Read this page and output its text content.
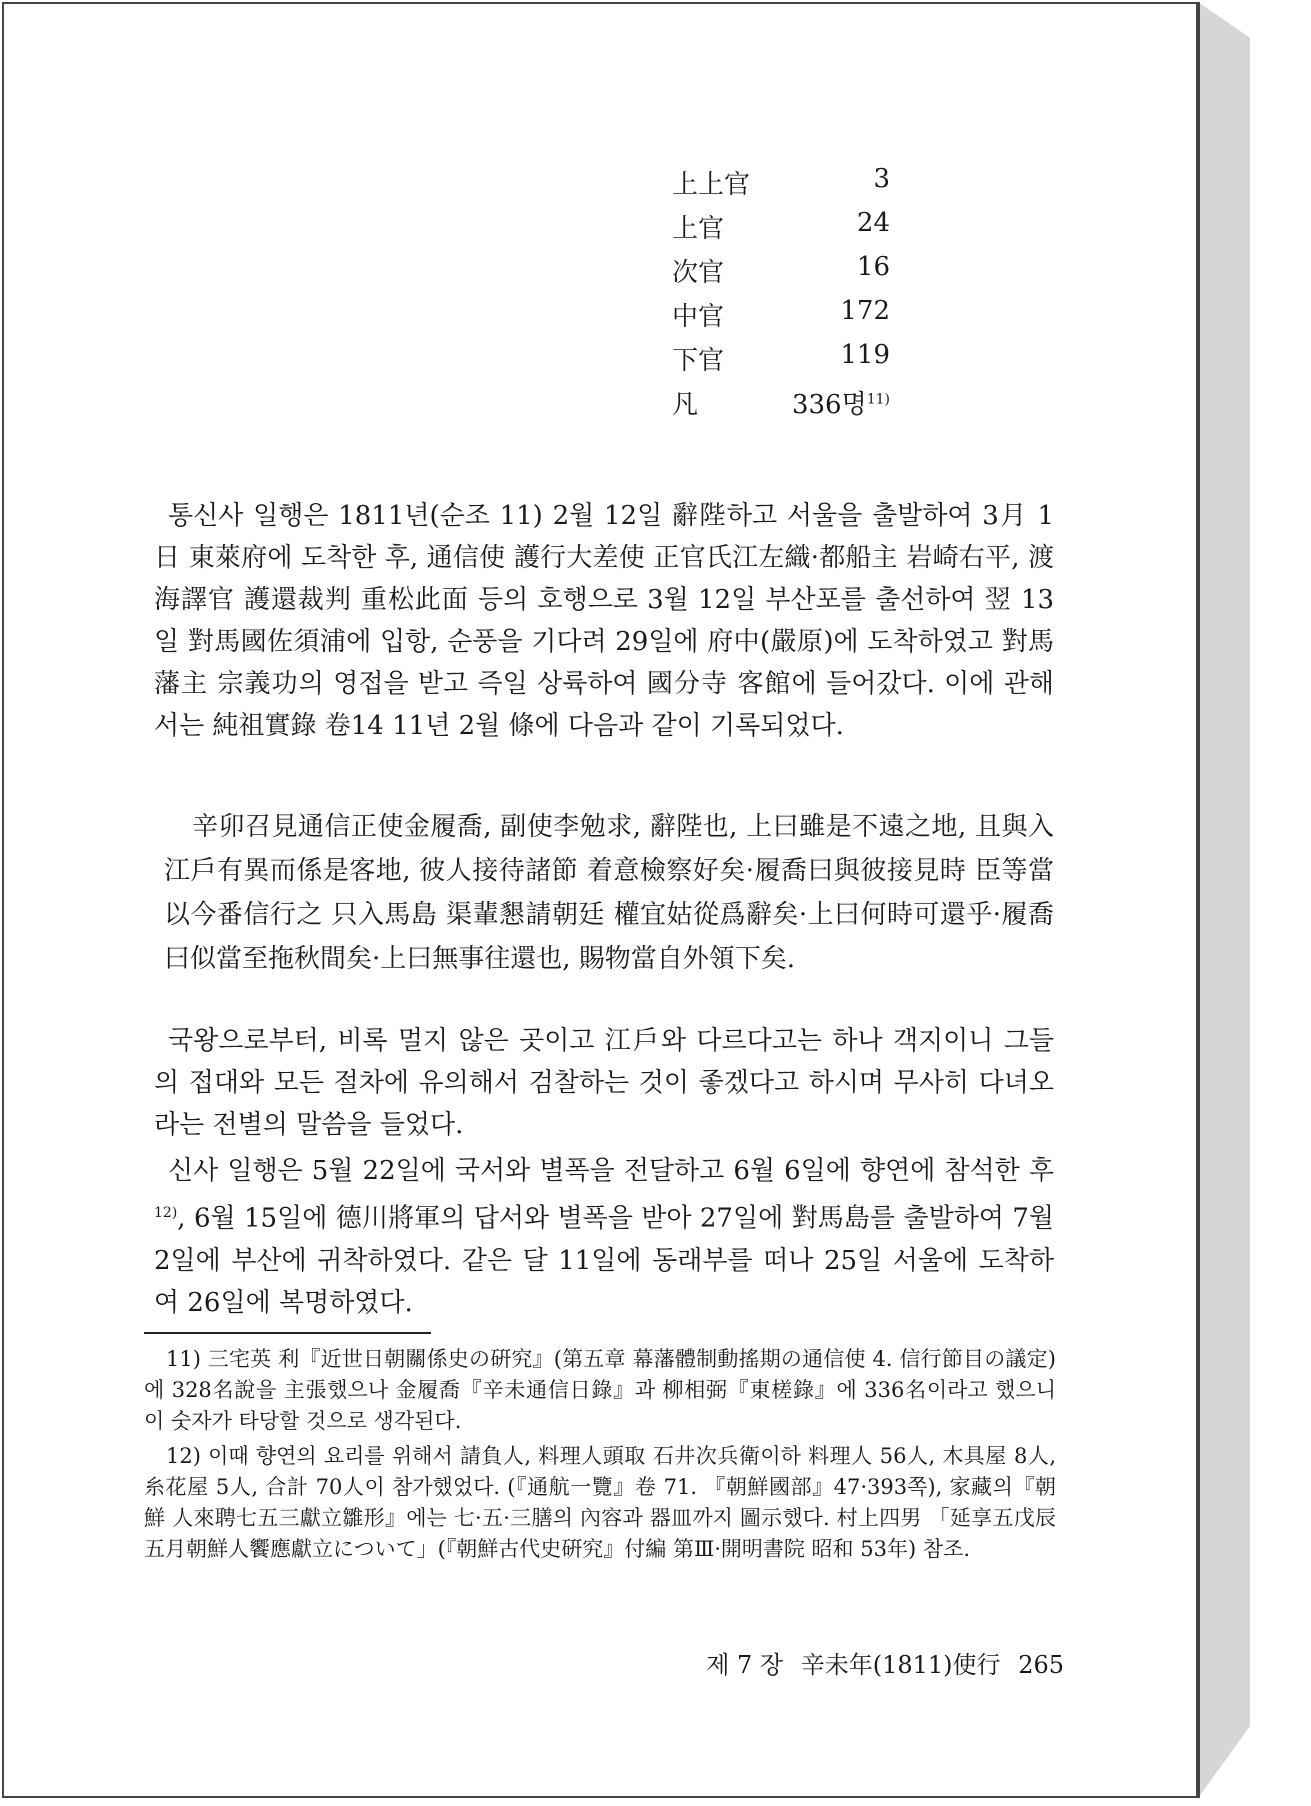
上上官	3
上官	24
次官	16
中官	172
下官	119
凡	336명$^{11)}$

통신사 일행은 1811년(순조 11) 2월 12일 辭陛하고 서울을 출발하여 3月 1日 東萊府에 도착한 후, 通信使 護行大差使 正官氏江左織·都船主 岩崎右平, 渡海譯官 護還裁判 重松此面 등의 호행으로 3월 12일 부산포를 출선하여 翌 13일 對馬國佐須浦에 입항, 순풍을 기다려 29일에 府中(嚴原)에 도착하였고 對馬藩主 宗義功의 영접을 받고 즉일 상륙하여 國分寺 客館에 들어갔다. 이에 관해서는 純祖實錄 卷14 11년 2월 條에 다음과 같이 기록되었다.

辛卯召見通信正使金履喬, 副使李勉求, 辭陛也, 上曰雖是不遠之地, 且與入江戶有異而係是客地, 彼人接待諸節 着意檢察好矣·履喬曰與彼接見時 臣等當以今番信行之 只入馬島 渠輩懇請朝廷 權宜姑從爲辭矣·上曰何時可還乎·履喬曰似當至拖秋間矣·上曰無事往還也, 賜物當自外領下矣.

국왕으로부터, 비록 멀지 않은 곳이고 江戶와 다르다고는 하나 객지이니 그들의 접대와 모든 절차에 유의해서 검찰하는 것이 좋겠다고 하시며 무사히 다녀오라는 전별의 말씀을 들었다.

신사 일행은 5월 22일에 국서와 별폭을 전달하고 6월 6일에 향연에 참석한 후$^{12)}$, 6월 15일에 德川將軍의 답서와 별폭을 받아 27일에 對馬島를 출발하여 7월 2일에 부산에 귀착하였다. 같은 달 11일에 동래부를 떠나 25일 서울에 도착하여 26일에 복명하였다.

11) 三宅英 利『近世日朝關係史の硏究』(第五章 幕藩體制動搖期の通信使 4. 信行節目の議定)에 328名說을 主張했으나 金履喬『辛未通信日錄』과 柳相弼『東槎錄』에 336名이라고 했으니 이 숫자가 타당할 것으로 생각된다.

12) 이때 향연의 요리를 위해서 請負人, 料理人頭取 石井次兵衛이하 料理人 56人, 木具屋 8人, 糸花屋 5人, 合計 70人이 참가했었다. (『通航一覽』卷 71. 『朝鮮國部』47·393쪽), 家藏의『朝鮮 人來聘七五三獻立雛形』에는 七·五·三膳의 內容과 器皿까지 圖示했다. 村上四男 「延享五戊辰五月朝鮮人饗應獻立について」(『朝鮮古代史硏究』付編 第Ⅲ·開明書院 昭和 53年) 참조.

제 7 장 辛未年(1811)使行 265
